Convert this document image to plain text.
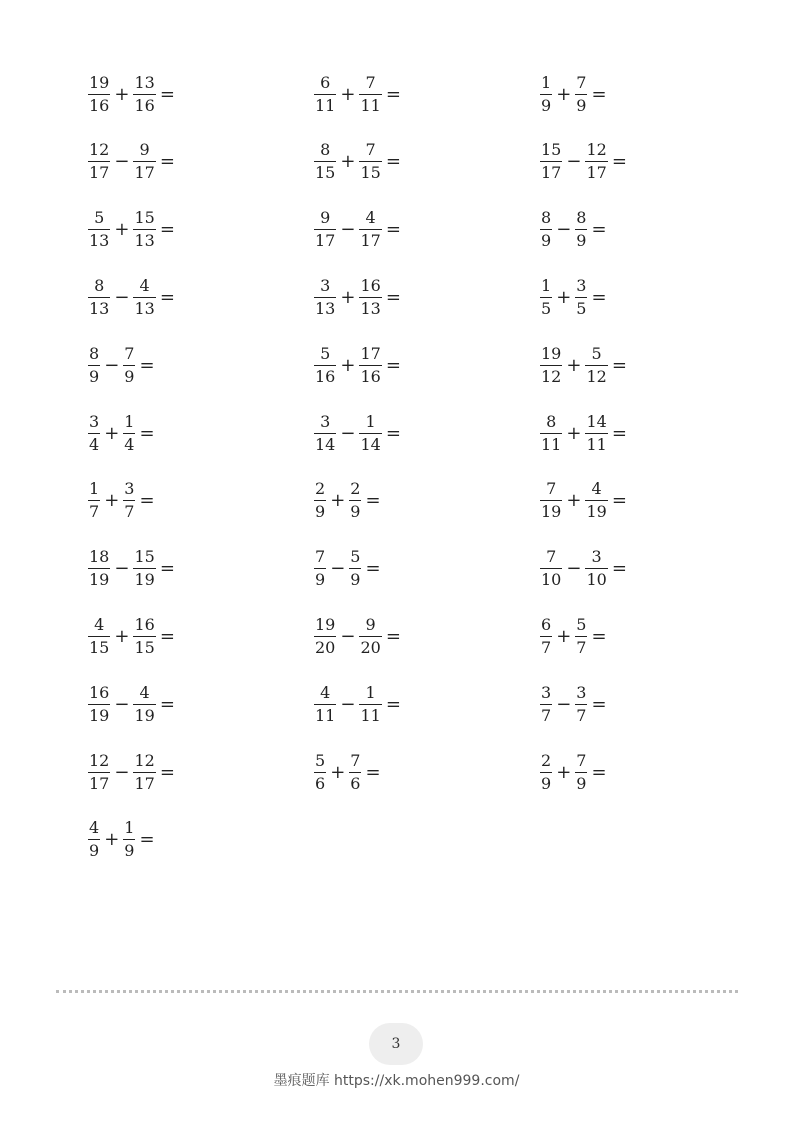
$\frac{19}{16} + \frac{13}{16}$ =	$\frac{6}{11} + \frac{7}{11}$ =	$\frac{1}{9} + \frac{7}{9}$ =
$\frac{12}{17} - \frac{9}{17}$ =	$\frac{8}{15} + \frac{7}{15}$ =	$\frac{15}{17} - \frac{12}{17}$ =
$\frac{5}{13} + \frac{15}{13}$ =	$\frac{9}{17} - \frac{4}{17}$ =	$\frac{8}{9} - \frac{8}{9}$ =
$\frac{8}{13} - \frac{4}{13}$ =	$\frac{3}{13} + \frac{16}{13}$ =	$\frac{1}{5} + \frac{3}{5}$ =
$\frac{8}{9} - \frac{7}{9}$ =	$\frac{5}{16} + \frac{17}{16}$ =	$\frac{19}{12} + \frac{5}{12}$ =
$\frac{3}{4} + \frac{1}{4}$ =	$\frac{3}{14} - \frac{1}{14}$ =	$\frac{8}{11} + \frac{14}{11}$ =
$\frac{1}{7} + \frac{3}{7}$ =	$\frac{2}{9} + \frac{2}{9}$ =	$\frac{7}{19} + \frac{4}{19}$ =
$\frac{18}{19} - \frac{15}{19}$ =	$\frac{7}{9} - \frac{5}{9}$ =	$\frac{7}{10} - \frac{3}{10}$ =
$\frac{4}{15} + \frac{16}{15}$ =	$\frac{19}{20} - \frac{9}{20}$ =	$\frac{6}{7} + \frac{5}{7}$ =
$\frac{16}{19} - \frac{4}{19}$ =	$\frac{4}{11} - \frac{1}{11}$ =	$\frac{3}{7} - \frac{3}{7}$ =
$\frac{12}{17} - \frac{12}{17}$ =	$\frac{5}{6} + \frac{7}{6}$ =	$\frac{2}{9} + \frac{7}{9}$ =
$\frac{4}{9} + \frac{1}{9}$ =
3
墨痕题库 https://xk.mohen999.com/
